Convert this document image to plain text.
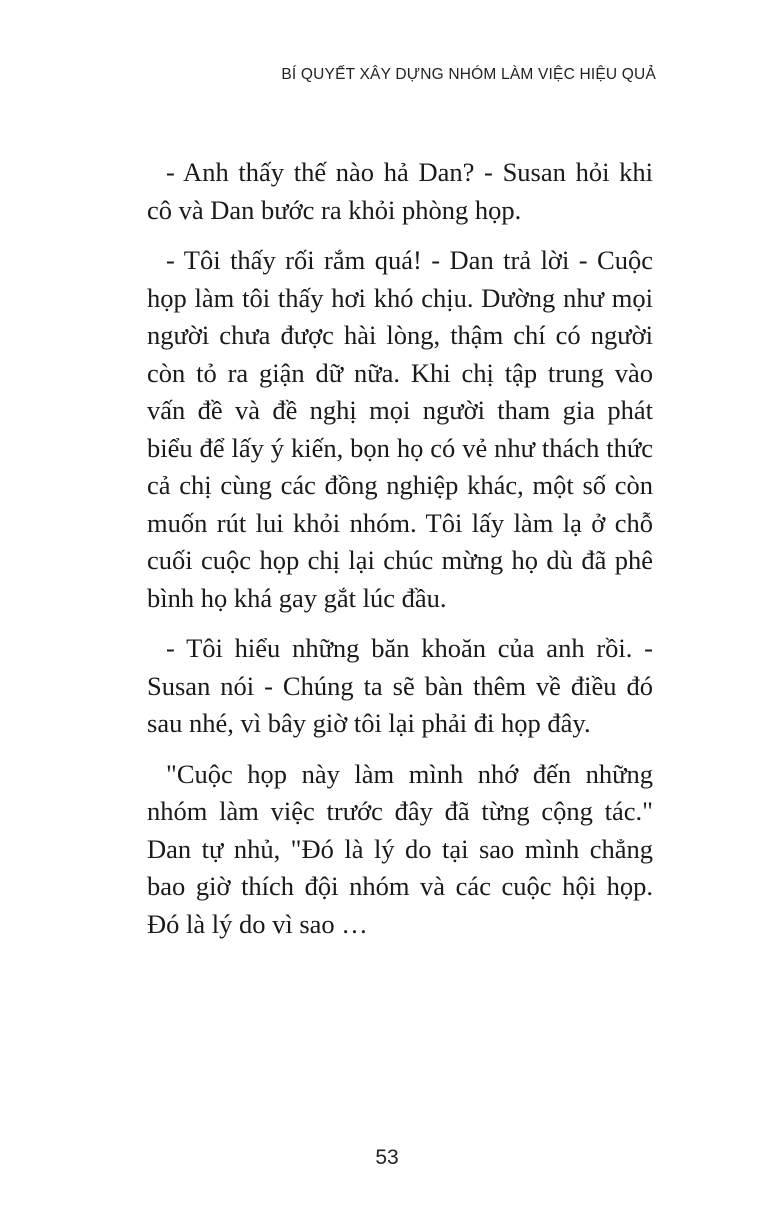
BÍ QUYẾT XÂY DỰNG NHÓM LÀM VIỆC HIỆU QUẢ

- Anh thấy thế nào hả Dan? - Susan hỏi khi cô và Dan bước ra khỏi phòng họp.

- Tôi thấy rối rắm quá! - Dan trả lời - Cuộc họp làm tôi thấy hơi khó chịu. Dường như mọi người chưa được hài lòng, thậm chí có người còn tỏ ra giận dữ nữa. Khi chị tập trung vào vấn đề và đề nghị mọi người tham gia phát biểu để lấy ý kiến, bọn họ có vẻ như thách thức cả chị cùng các đồng nghiệp khác, một số còn muốn rút lui khỏi nhóm. Tôi lấy làm lạ ở chỗ cuối cuộc họp chị lại chúc mừng họ dù đã phê bình họ khá gay gắt lúc đầu.

- Tôi hiểu những băn khoăn của anh rồi. - Susan nói - Chúng ta sẽ bàn thêm về điều đó sau nhé, vì bây giờ tôi lại phải đi họp đây.

"Cuộc họp này làm mình nhớ đến những nhóm làm việc trước đây đã từng cộng tác." Dan tự nhủ, "Đó là lý do tại sao mình chẳng bao giờ thích đội nhóm và các cuộc hội họp. Đó là lý do vì sao …

53
